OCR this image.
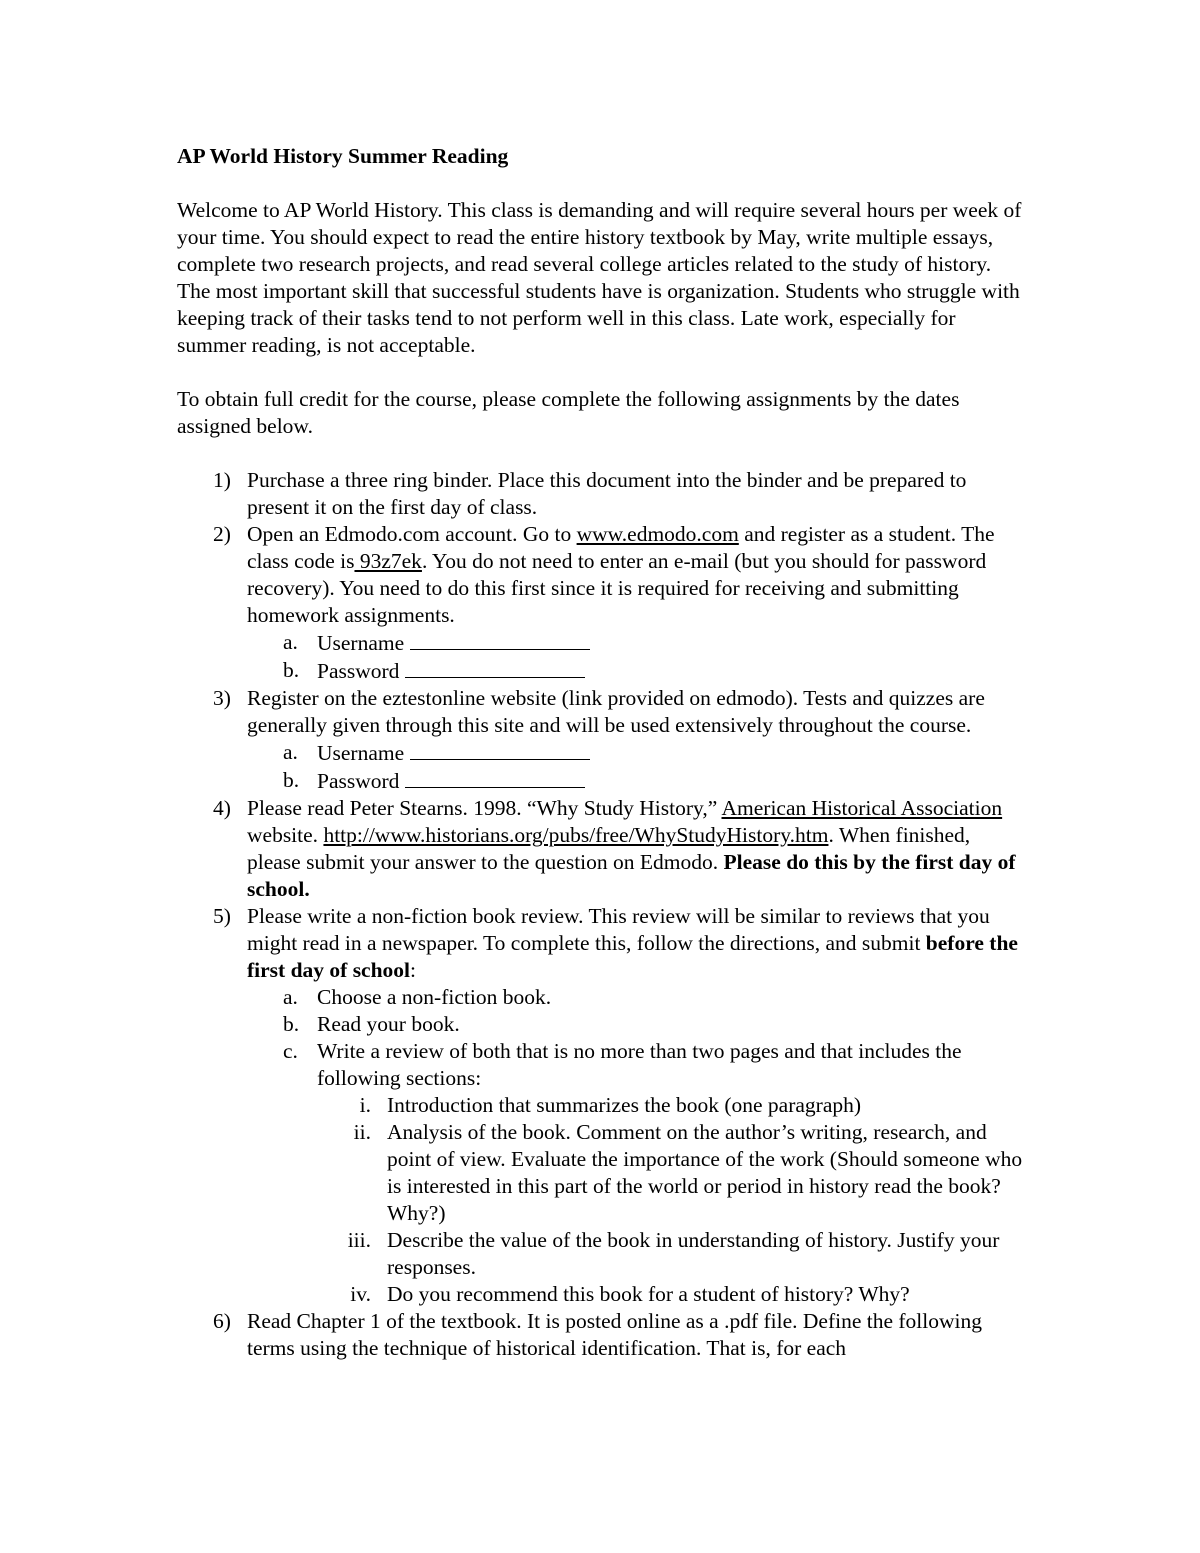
AP World History Summer Reading

Welcome to AP World History. This class is demanding and will require several hours per week of your time. You should expect to read the entire history textbook by May, write multiple essays, complete two research projects, and read several college articles related to the study of history. The most important skill that successful students have is organization. Students who struggle with keeping track of their tasks tend to not perform well in this class. Late work, especially for summer reading, is not acceptable.

To obtain full credit for the course, please complete the following assignments by the dates assigned below.

1) Purchase a three ring binder. Place this document into the binder and be prepared to present it on the first day of class.
2) Open an Edmodo.com account. Go to www.edmodo.com and register as a student. The class code is 93z7ek. You do not need to enter an e-mail (but you should for password recovery). You need to do this first since it is required for receiving and submitting homework assignments.
a. Username
b. Password
3) Register on the eztestonline website (link provided on edmodo). Tests and quizzes are generally given through this site and will be used extensively throughout the course.
a. Username
b. Password
4) Please read Peter Stearns. 1998. “Why Study History,” American Historical Association website. http://www.historians.org/pubs/free/WhyStudyHistory.htm. When finished, please submit your answer to the question on Edmodo. Please do this by the first day of school.
5) Please write a non-fiction book review. This review will be similar to reviews that you might read in a newspaper. To complete this, follow the directions, and submit before the first day of school:
a. Choose a non-fiction book.
b. Read your book.
c. Write a review of both that is no more than two pages and that includes the following sections:
i. Introduction that summarizes the book (one paragraph)
ii. Analysis of the book. Comment on the author’s writing, research, and point of view. Evaluate the importance of the work (Should someone who is interested in this part of the world or period in history read the book? Why?)
iii. Describe the value of the book in understanding of history. Justify your responses.
iv. Do you recommend this book for a student of history? Why?
6) Read Chapter 1 of the textbook. It is posted online as a .pdf file. Define the following terms using the technique of historical identification. That is, for each
